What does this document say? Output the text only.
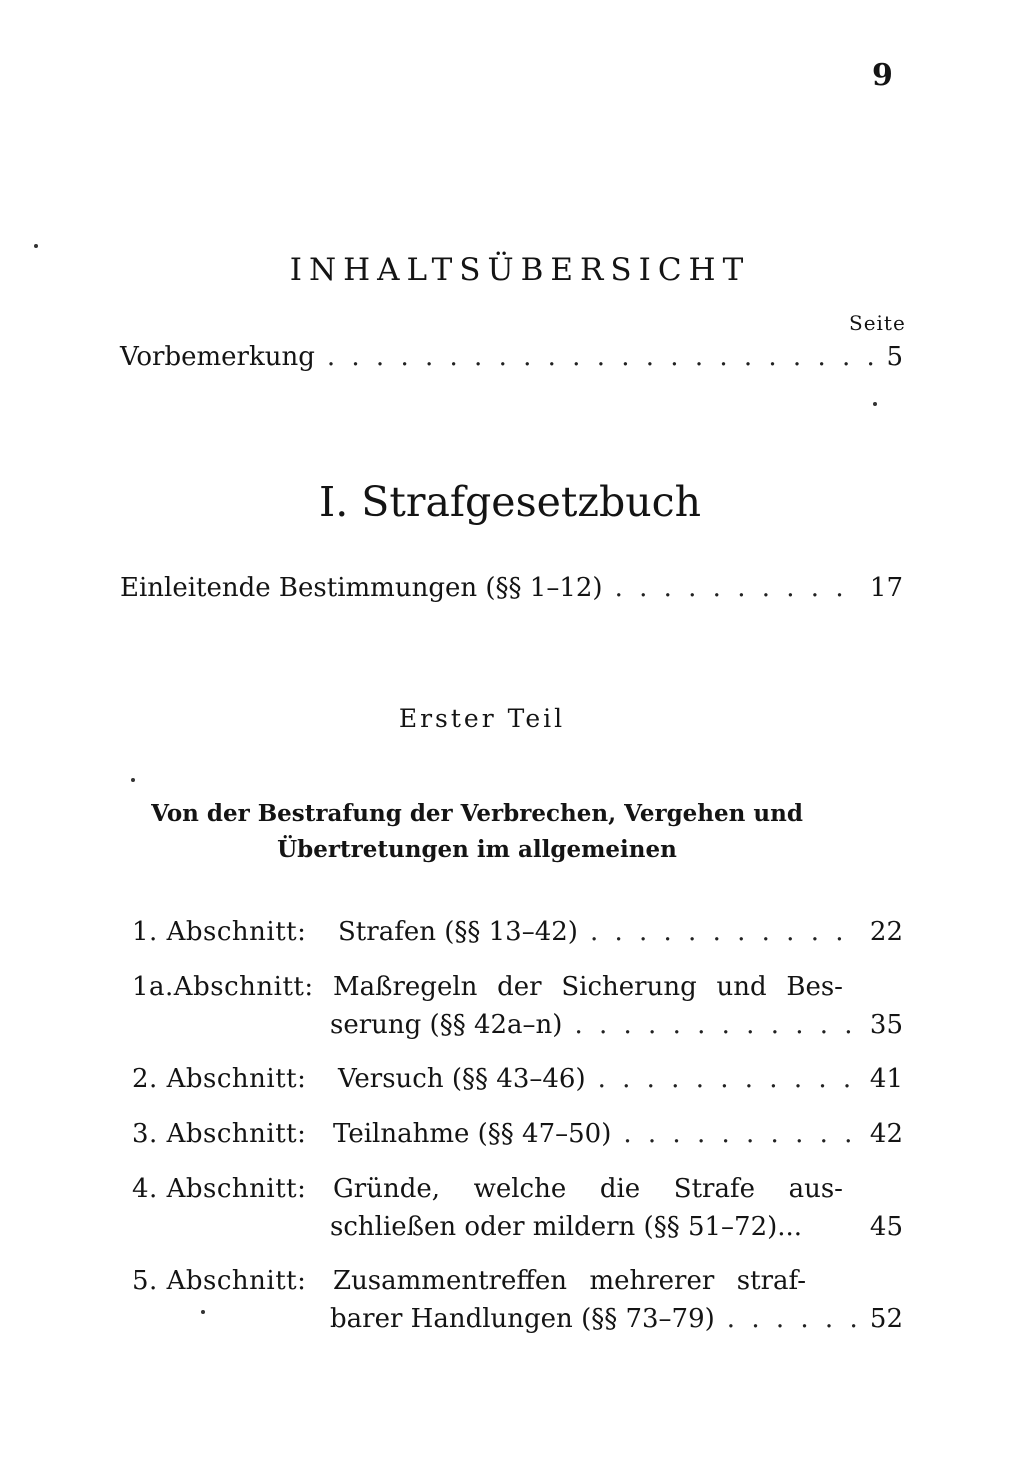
9
INHALTSÜBERSICHT
Seite
Vorbemerkung . . .	5
I. Strafgesetzbuch
Einleitende Bestimmungen (§§ 1–12) . . .	17
Erster Teil
Von der Bestrafung der Verbrechen, Vergehen und
Übertretungen im allgemeinen
1. Abschnitt: Strafen (§§ 13–42) . . .	22
1a.Abschnitt: Maßregeln der Sicherung und Bes-
serung (§§ 42a–n) . . .	35
2. Abschnitt: Versuch (§§ 43–46) . . .	41
3. Abschnitt: Teilnahme (§§ 47–50) . . .	42
4. Abschnitt: Gründe, welche die Strafe aus-
schließen oder mildern (§§ 51–72)...	45
5. Abschnitt: Zusammentreffen mehrerer straf-
barer Handlungen (§§ 73–79) . . .	52
